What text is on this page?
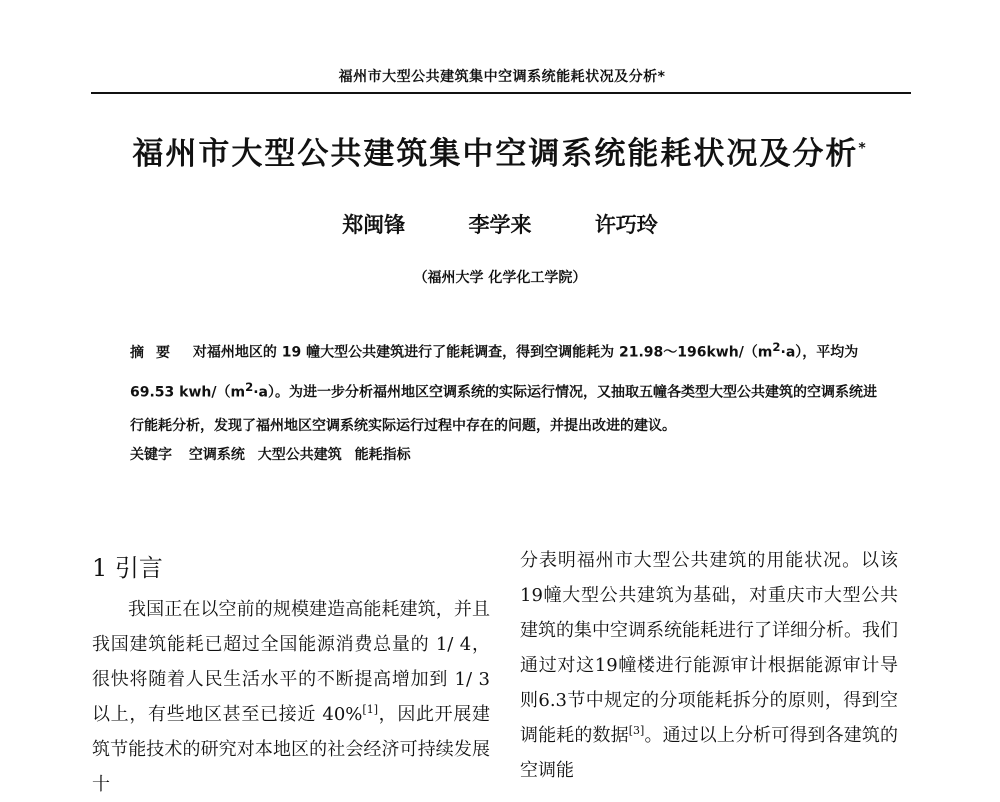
福州市大型公共建筑集中空调系统能耗状况及分析*
福州市大型公共建筑集中空调系统能耗状况及分析*
郑闽锋	李学来	许巧玲
（福州大学 化学化工学院）
摘要 对福州地区的 19 幢大型公共建筑进行了能耗调查，得到空调能耗为 $21.98\sim 196kwh/(m^2\cdot a)$，平均为 69.53 kwh/$(m^2\cdot a)$。为进一步分析福州地区空调系统的实际运行情况，又抽取五幢各类型大型公共建筑的空调系统进行能耗分析，发现了福州地区空调系统实际运行过程中存在的问题，并提出改进的建议。
关键字 空调系统 大型公共建筑 能耗指标
1 引言
我国正在以空前的规模建造高能耗建筑，并且我国建筑能耗已超过全国能源消费总量的 1/ 4，很快将随着人民生活水平的不断提高增加到 1/ 3 以上，有些地区甚至已接近 40%[1]，因此开展建筑节能技术的研究对本地区的社会经济可持续发展十
分表明福州市大型公共建筑的用能状况。以该19幢大型公共建筑为基础，对重庆市大型公共建筑的集中空调系统能耗进行了详细分析。我们通过对这19幢楼进行能源审计根据能源审计导则6.3节中规定的分项能耗拆分的原则，得到空调能耗的数据[3]。通过以上分析可得到各建筑的空调能
